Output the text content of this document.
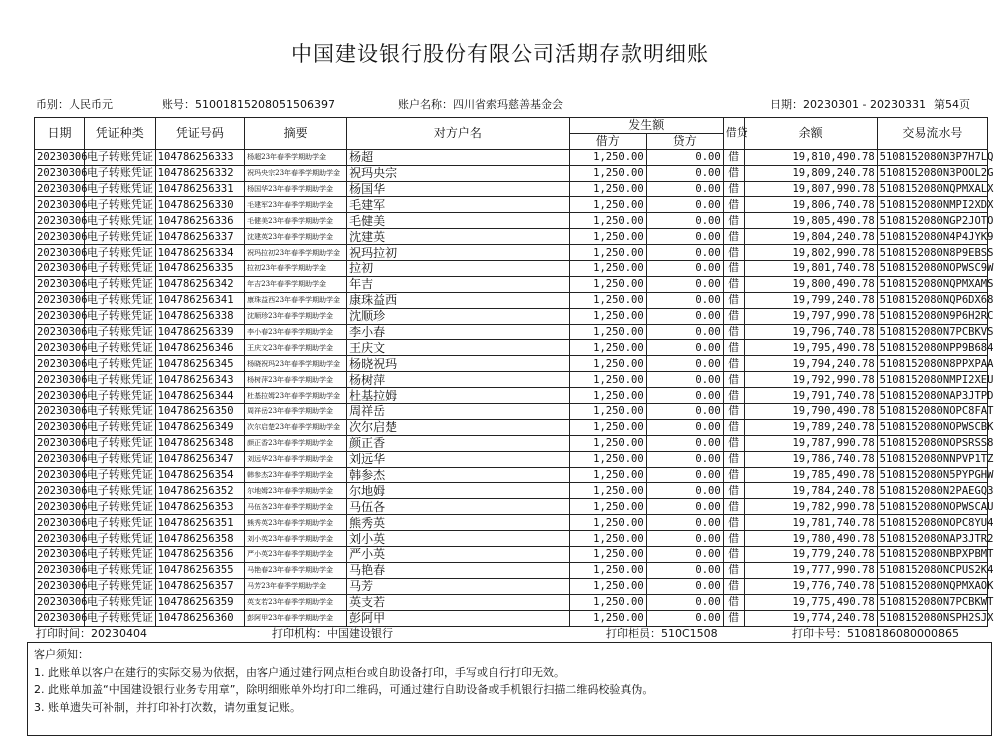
中国建设银行股份有限公司活期存款明细账
币别：人民币元	账号：51001815208051506397	账户名称：四川省索玛慈善基金会	日期：20230301 - 20230331 第54页
日期	凭证种类	凭证号码	摘要	对方户名	发生额		借贷	余额	交易流水号
					借方	贷方			
20230306	电子转账凭证	104786256333	杨超23年春季学期助学金	杨超	1,250.00	0.00	借	19,810,490.78	5108152080N3P7H7LQ
20230306	电子转账凭证	104786256332	祝玛央宗23年春季学期助学金	祝玛央宗	1,250.00	0.00	借	19,809,240.78	5108152080N3POOL2G
20230306	电子转账凭证	104786256331	杨国华23年春季学期助学金	杨国华	1,250.00	0.00	借	19,807,990.78	5108152080NQPMXALX
20230306	电子转账凭证	104786256330	毛建军23年春季学期助学金	毛建军	1,250.00	0.00	借	19,806,740.78	5108152080NMPI2XDX
20230306	电子转账凭证	104786256336	毛健美23年春季学期助学金	毛健美	1,250.00	0.00	借	19,805,490.78	5108152080NGP2JOTO
20230306	电子转账凭证	104786256337	沈建英23年春季学期助学金	沈建英	1,250.00	0.00	借	19,804,240.78	5108152080N4P4JYK9
20230306	电子转账凭证	104786256334	祝玛拉初23年春季学期助学金	祝玛拉初	1,250.00	0.00	借	19,802,990.78	5108152080N8P9EBSS
20230306	电子转账凭证	104786256335	拉初23年春季学期助学金	拉初	1,250.00	0.00	借	19,801,740.78	5108152080NOPWSC9W
20230306	电子转账凭证	104786256342	年吉23年春季学期助学金	年吉	1,250.00	0.00	借	19,800,490.78	5108152080NQPMXAMS
20230306	电子转账凭证	104786256341	康珠益西23年春季学期助学金	康珠益西	1,250.00	0.00	借	19,799,240.78	5108152080NQP6DX68
20230306	电子转账凭证	104786256338	沈顺珍23年春季学期助学金	沈顺珍	1,250.00	0.00	借	19,797,990.78	5108152080N9P6H2RC
20230306	电子转账凭证	104786256339	李小春23年春季学期助学金	李小春	1,250.00	0.00	借	19,796,740.78	5108152080N7PCBKVS
20230306	电子转账凭证	104786256346	王庆文23年春季学期助学金	王庆文	1,250.00	0.00	借	19,795,490.78	5108152080NPP9B684
20230306	电子转账凭证	104786256345	杨晓祝玛23年春季学期助学金	杨晓祝玛	1,250.00	0.00	借	19,794,240.78	5108152080N8PPXPAA
20230306	电子转账凭证	104786256343	杨树萍23年春季学期助学金	杨树萍	1,250.00	0.00	借	19,792,990.78	5108152080NMPI2XEU
20230306	电子转账凭证	104786256344	杜基拉姆23年春季学期助学金	杜基拉姆	1,250.00	0.00	借	19,791,740.78	5108152080NAP3JTPD
20230306	电子转账凭证	104786256350	周祥岳23年春季学期助学金	周祥岳	1,250.00	0.00	借	19,790,490.78	5108152080NOPC8FAT
20230306	电子转账凭证	104786256349	次尔启楚23年春季学期助学金	次尔启楚	1,250.00	0.00	借	19,789,240.78	5108152080NOPWSCBK
20230306	电子转账凭证	104786256348	颜正香23年春季学期助学金	颜正香	1,250.00	0.00	借	19,787,990.78	5108152080NOPSRSS8
20230306	电子转账凭证	104786256347	刘远华23年春季学期助学金	刘远华	1,250.00	0.00	借	19,786,740.78	5108152080NNPVP1TZ
20230306	电子转账凭证	104786256354	韩参杰23年春季学期助学金	韩参杰	1,250.00	0.00	借	19,785,490.78	5108152080N5PYPGHW
20230306	电子转账凭证	104786256352	尔地姆23年春季学期助学金	尔地姆	1,250.00	0.00	借	19,784,240.78	5108152080N2PAEGQ3
20230306	电子转账凭证	104786256353	马伍各23年春季学期助学金	马伍各	1,250.00	0.00	借	19,782,990.78	5108152080NOPWSCAU
20230306	电子转账凭证	104786256351	熊秀英23年春季学期助学金	熊秀英	1,250.00	0.00	借	19,781,740.78	5108152080NOPC8YU4
20230306	电子转账凭证	104786256358	刘小英23年春季学期助学金	刘小英	1,250.00	0.00	借	19,780,490.78	5108152080NAP3JTR2
20230306	电子转账凭证	104786256356	严小英23年春季学期助学金	严小英	1,250.00	0.00	借	19,779,240.78	5108152080NBPXPBMT
20230306	电子转账凭证	104786256355	马艳春23年春季学期助学金	马艳春	1,250.00	0.00	借	19,777,990.78	5108152080NCPUS2K4
20230306	电子转账凭证	104786256357	马芳23年春季学期助学金	马芳	1,250.00	0.00	借	19,776,740.78	5108152080NQPMXAOK
20230306	电子转账凭证	104786256359	英支若23年春季学期助学金	英支若	1,250.00	0.00	借	19,775,490.78	5108152080N7PCBKWT
20230306	电子转账凭证	104786256360	彭阿甲23年春季学期助学金	彭阿甲	1,250.00	0.00	借	19,774,240.78	5108152080NSPH2SJX
打印时间：20230404	打印机构：中国建设银行	打印柜员：510C1508	打印卡号：5108186080000865
客户须知：
1. 此账单以客户在建行的实际交易为依据，由客户通过建行网点柜台或自助设备打印，手写或自行打印无效。
2. 此账单加盖“中国建设银行业务专用章”，除明细账单外均打印二维码，可通过建行自助设备或手机银行扫描二维码校验真伪。
3. 账单遗失可补制，并打印补打次数，请勿重复记账。
